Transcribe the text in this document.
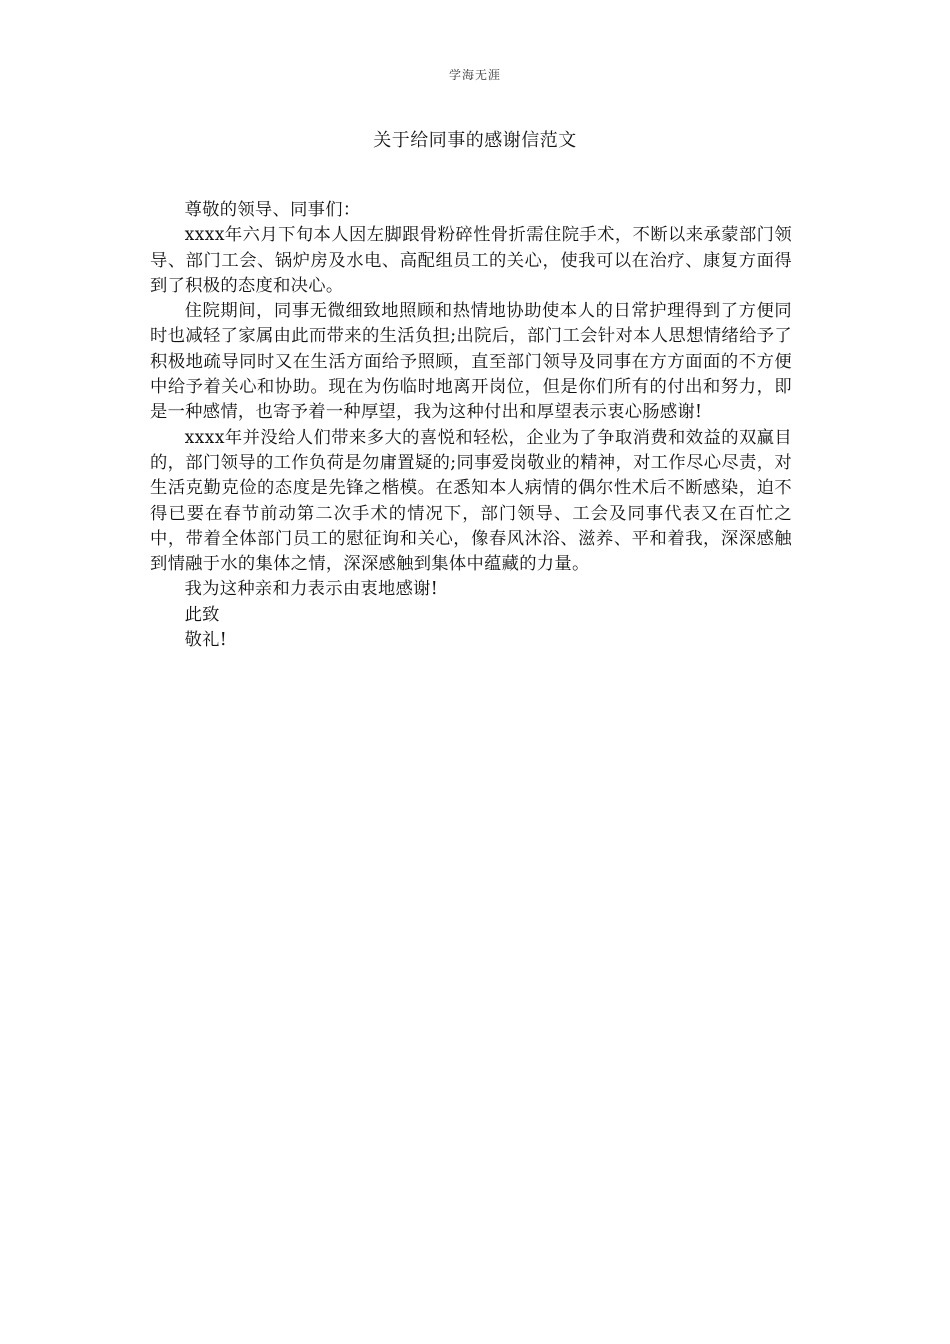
学海无涯
关于给同事的感谢信范文

尊敬的领导、同事们：

xxxx年六月下旬本人因左脚跟骨粉碎性骨折需住院手术，不断以来承蒙部门领导、部门工会、锅炉房及水电、高配组员工的关心，使我可以在治疗、康复方面得到了积极的态度和决心。

住院期间，同事无微细致地照顾和热情地协助使本人的日常护理得到了方便同时也减轻了家属由此而带来的生活负担;出院后，部门工会针对本人思想情绪给予了积极地疏导同时又在生活方面给予照顾，直至部门领导及同事在方方面面的不方便中给予着关心和协助。现在为伤临时地离开岗位，但是你们所有的付出和努力，即是一种感情，也寄予着一种厚望，我为这种付出和厚望表示衷心肠感谢!

xxxx年并没给人们带来多大的喜悦和轻松，企业为了争取消费和效益的双赢目的，部门领导的工作负荷是勿庸置疑的;同事爱岗敬业的精神，对工作尽心尽责，对生活克勤克俭的态度是先锋之楷模。在悉知本人病情的偶尔性术后不断感染，迫不得已要在春节前动第二次手术的情况下，部门领导、工会及同事代表又在百忙之中，带着全体部门员工的慰征询和关心，像春风沐浴、滋养、平和着我，深深感触到情融于水的集体之情，深深感触到集体中蕴藏的力量。

我为这种亲和力表示由衷地感谢!

此致

敬礼!
